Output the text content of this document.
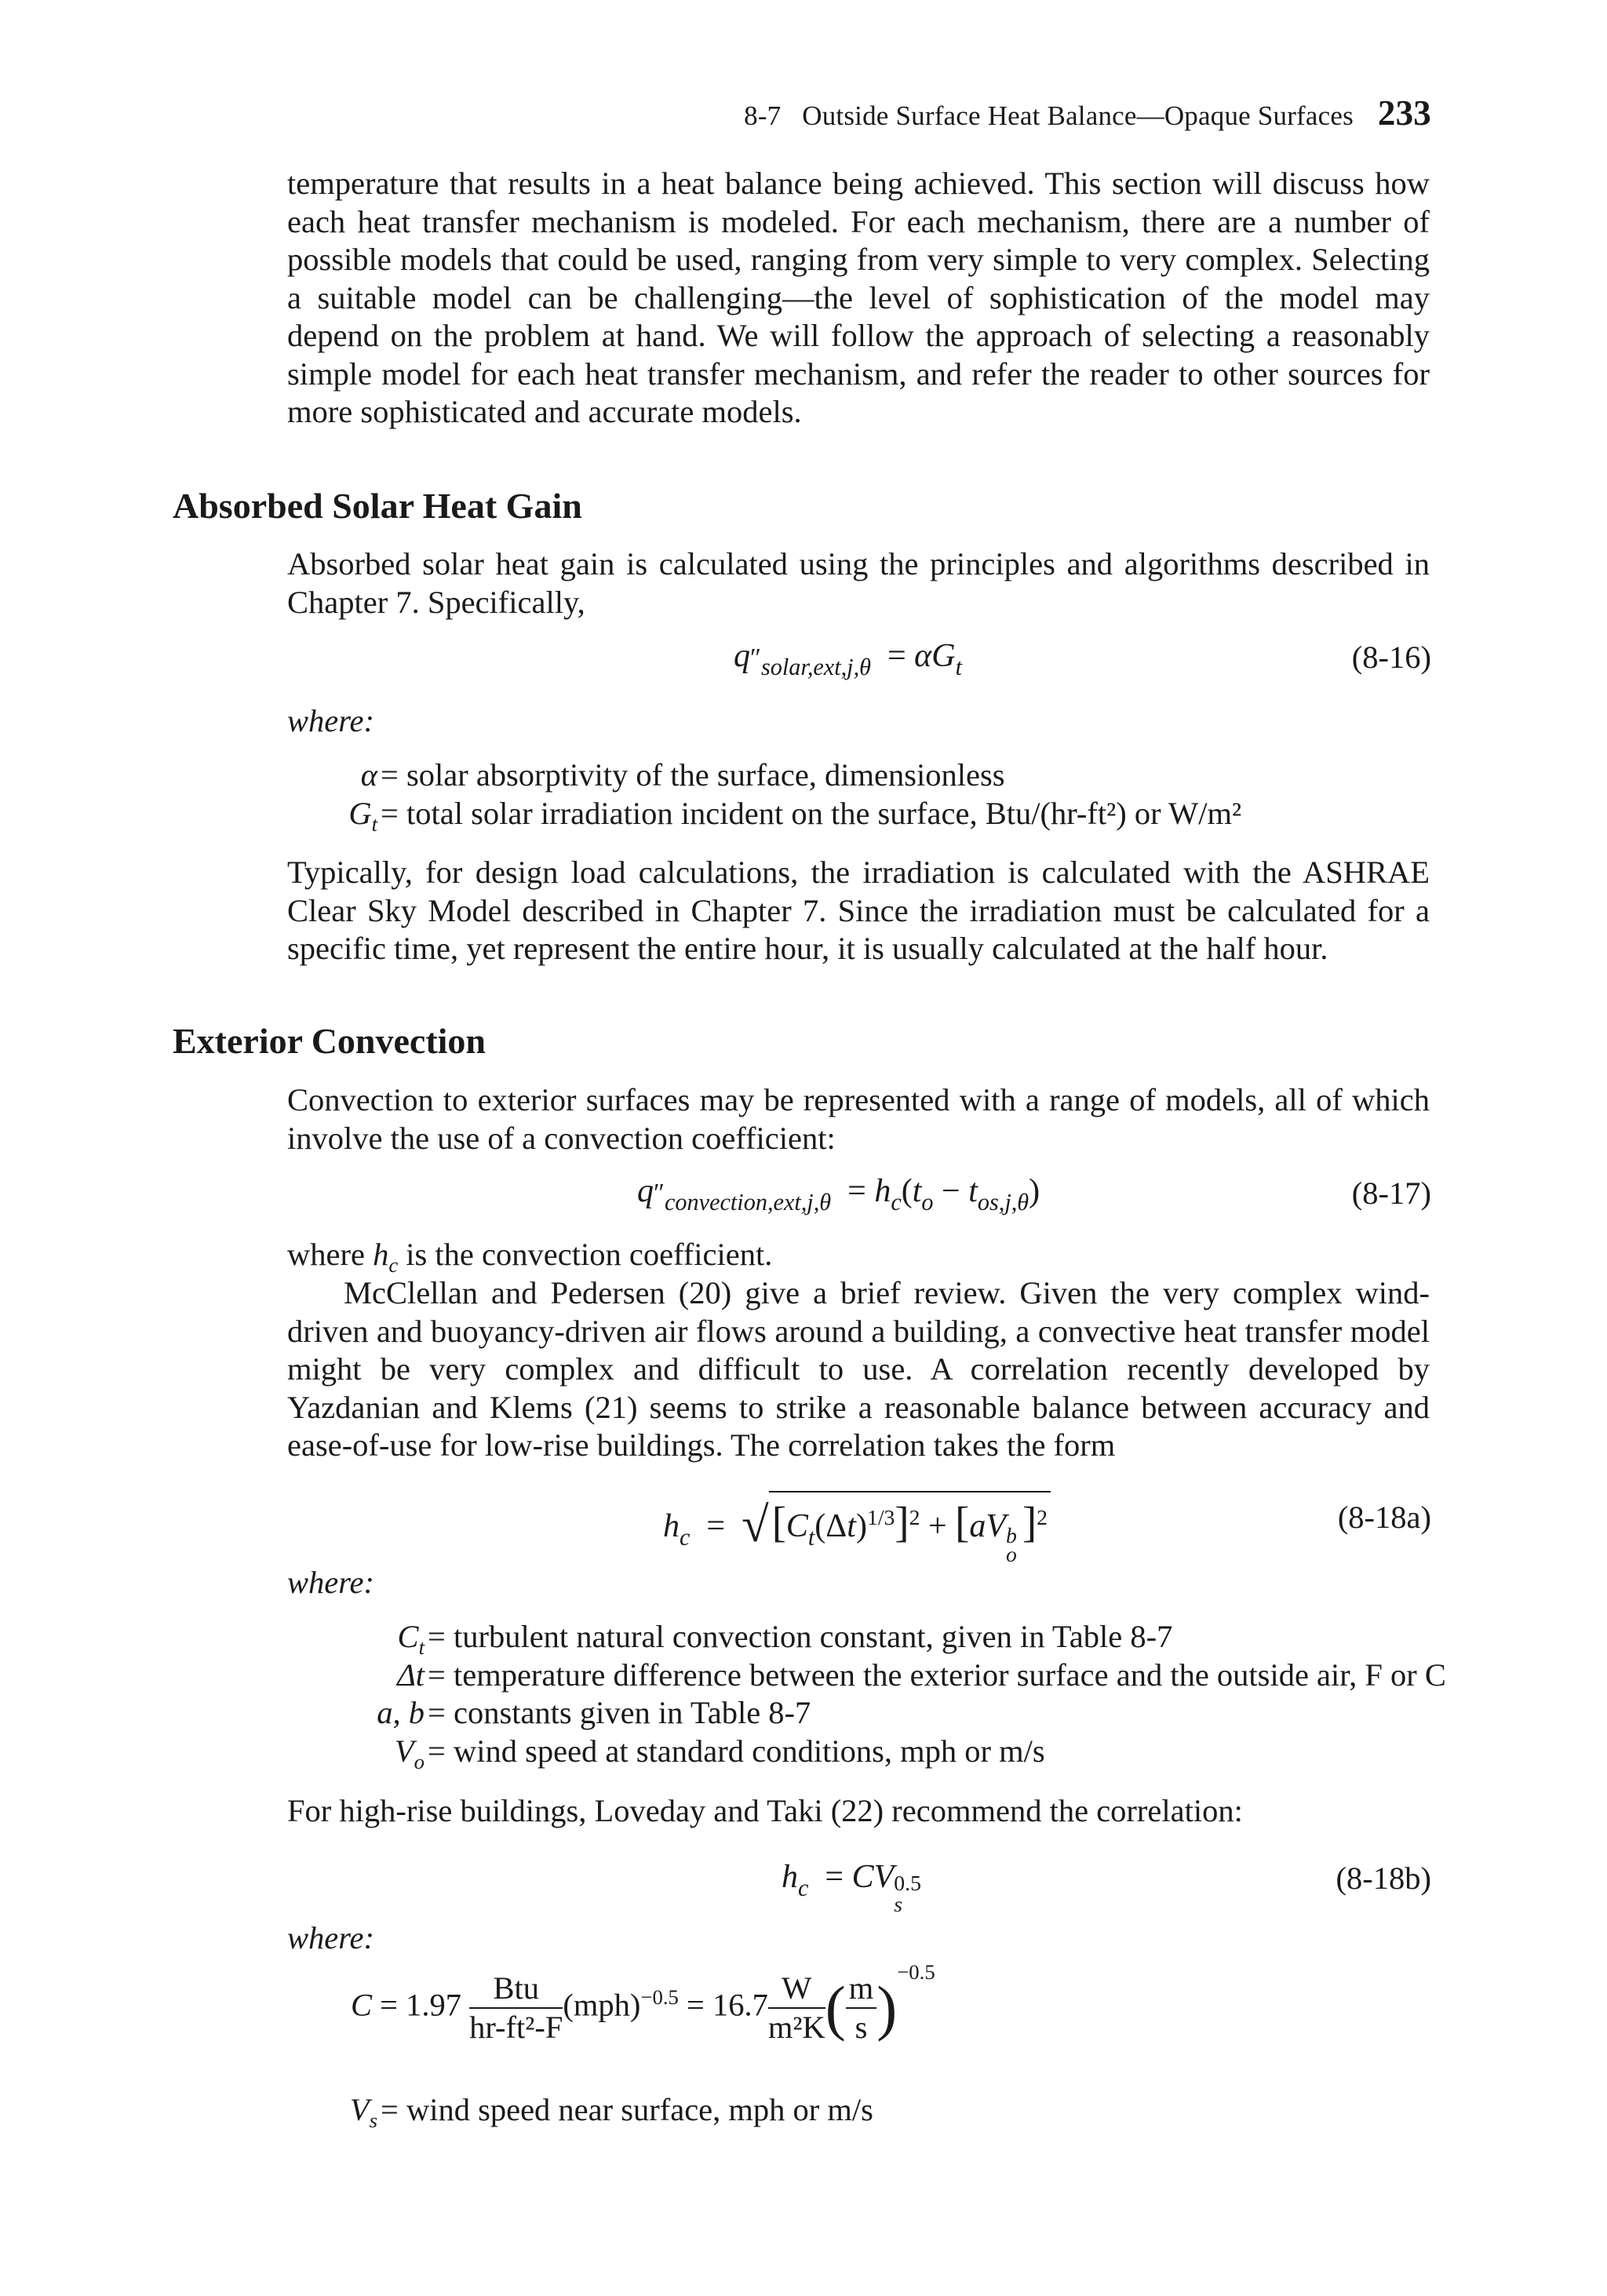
8-7 Outside Surface Heat Balance—Opaque Surfaces 233

temperature that results in a heat balance being achieved. This section will discuss how each heat transfer mechanism is modeled. For each mechanism, there are a number of possible models that could be used, ranging from very simple to very complex. Selecting a suitable model can be challenging—the level of sophistication of the model may depend on the problem at hand. We will follow the approach of selecting a reasonably simple model for each heat transfer mechanism, and refer the reader to other sources for more sophisticated and accurate models.

Absorbed Solar Heat Gain

Absorbed solar heat gain is calculated using the principles and algorithms described in Chapter 7. Specifically,

$q''_{solar,ext,j,\theta} = \alpha G_t$	(8-16)
where:
α = solar absorptivity of the surface, dimensionless
$G_t$ = total solar irradiation incident on the surface, Btu/(hr-ft²) or W/m²

Typically, for design load calculations, the irradiation is calculated with the ASHRAE Clear Sky Model described in Chapter 7. Since the irradiation must be calculated for a specific time, yet represent the entire hour, it is usually calculated at the half hour.

Exterior Convection

Convection to exterior surfaces may be represented with a range of models, all of which involve the use of a convection coefficient:

$q''_{convection,ext,j,\theta} = h_c(t_o - t_{os,j,\theta})$	(8-17)

where $h_c$ is the convection coefficient.

McClellan and Pedersen (20) give a brief review. Given the very complex wind-driven and buoyancy-driven air flows around a building, a convective heat transfer model might be very complex and difficult to use. A correlation recently developed by Yazdanian and Klems (21) seems to strike a reasonable balance between accuracy and ease-of-use for low-rise buildings. The correlation takes the form

$h_c = √[C_t(\Delta t)^{1/3}]^2 + [aV$ b
o
]$^2$	(8-18a)
where:
$C_t$ = turbulent natural convection constant, given in Table 8-7
Δt = temperature difference between the exterior surface and the outside air, F or C
a, b = constants given in Table 8-7
$V_o$ = wind speed at standard conditions, mph or m/s

For high-rise buildings, Loveday and Taki (22) recommend the correlation:

$h_c$  = CV 0.5
s
(8-18b)
where:
$C = 1.97 \frac{\text{Btu}}{\text{hr-ft²-F}} (mph)^{-0.5} = 16.7 \frac{W}{\text{m²K}}$ ( $\frac{m}{s} )^{-0.5}$
$V_s$ = wind speed near surface, mph or m/s
